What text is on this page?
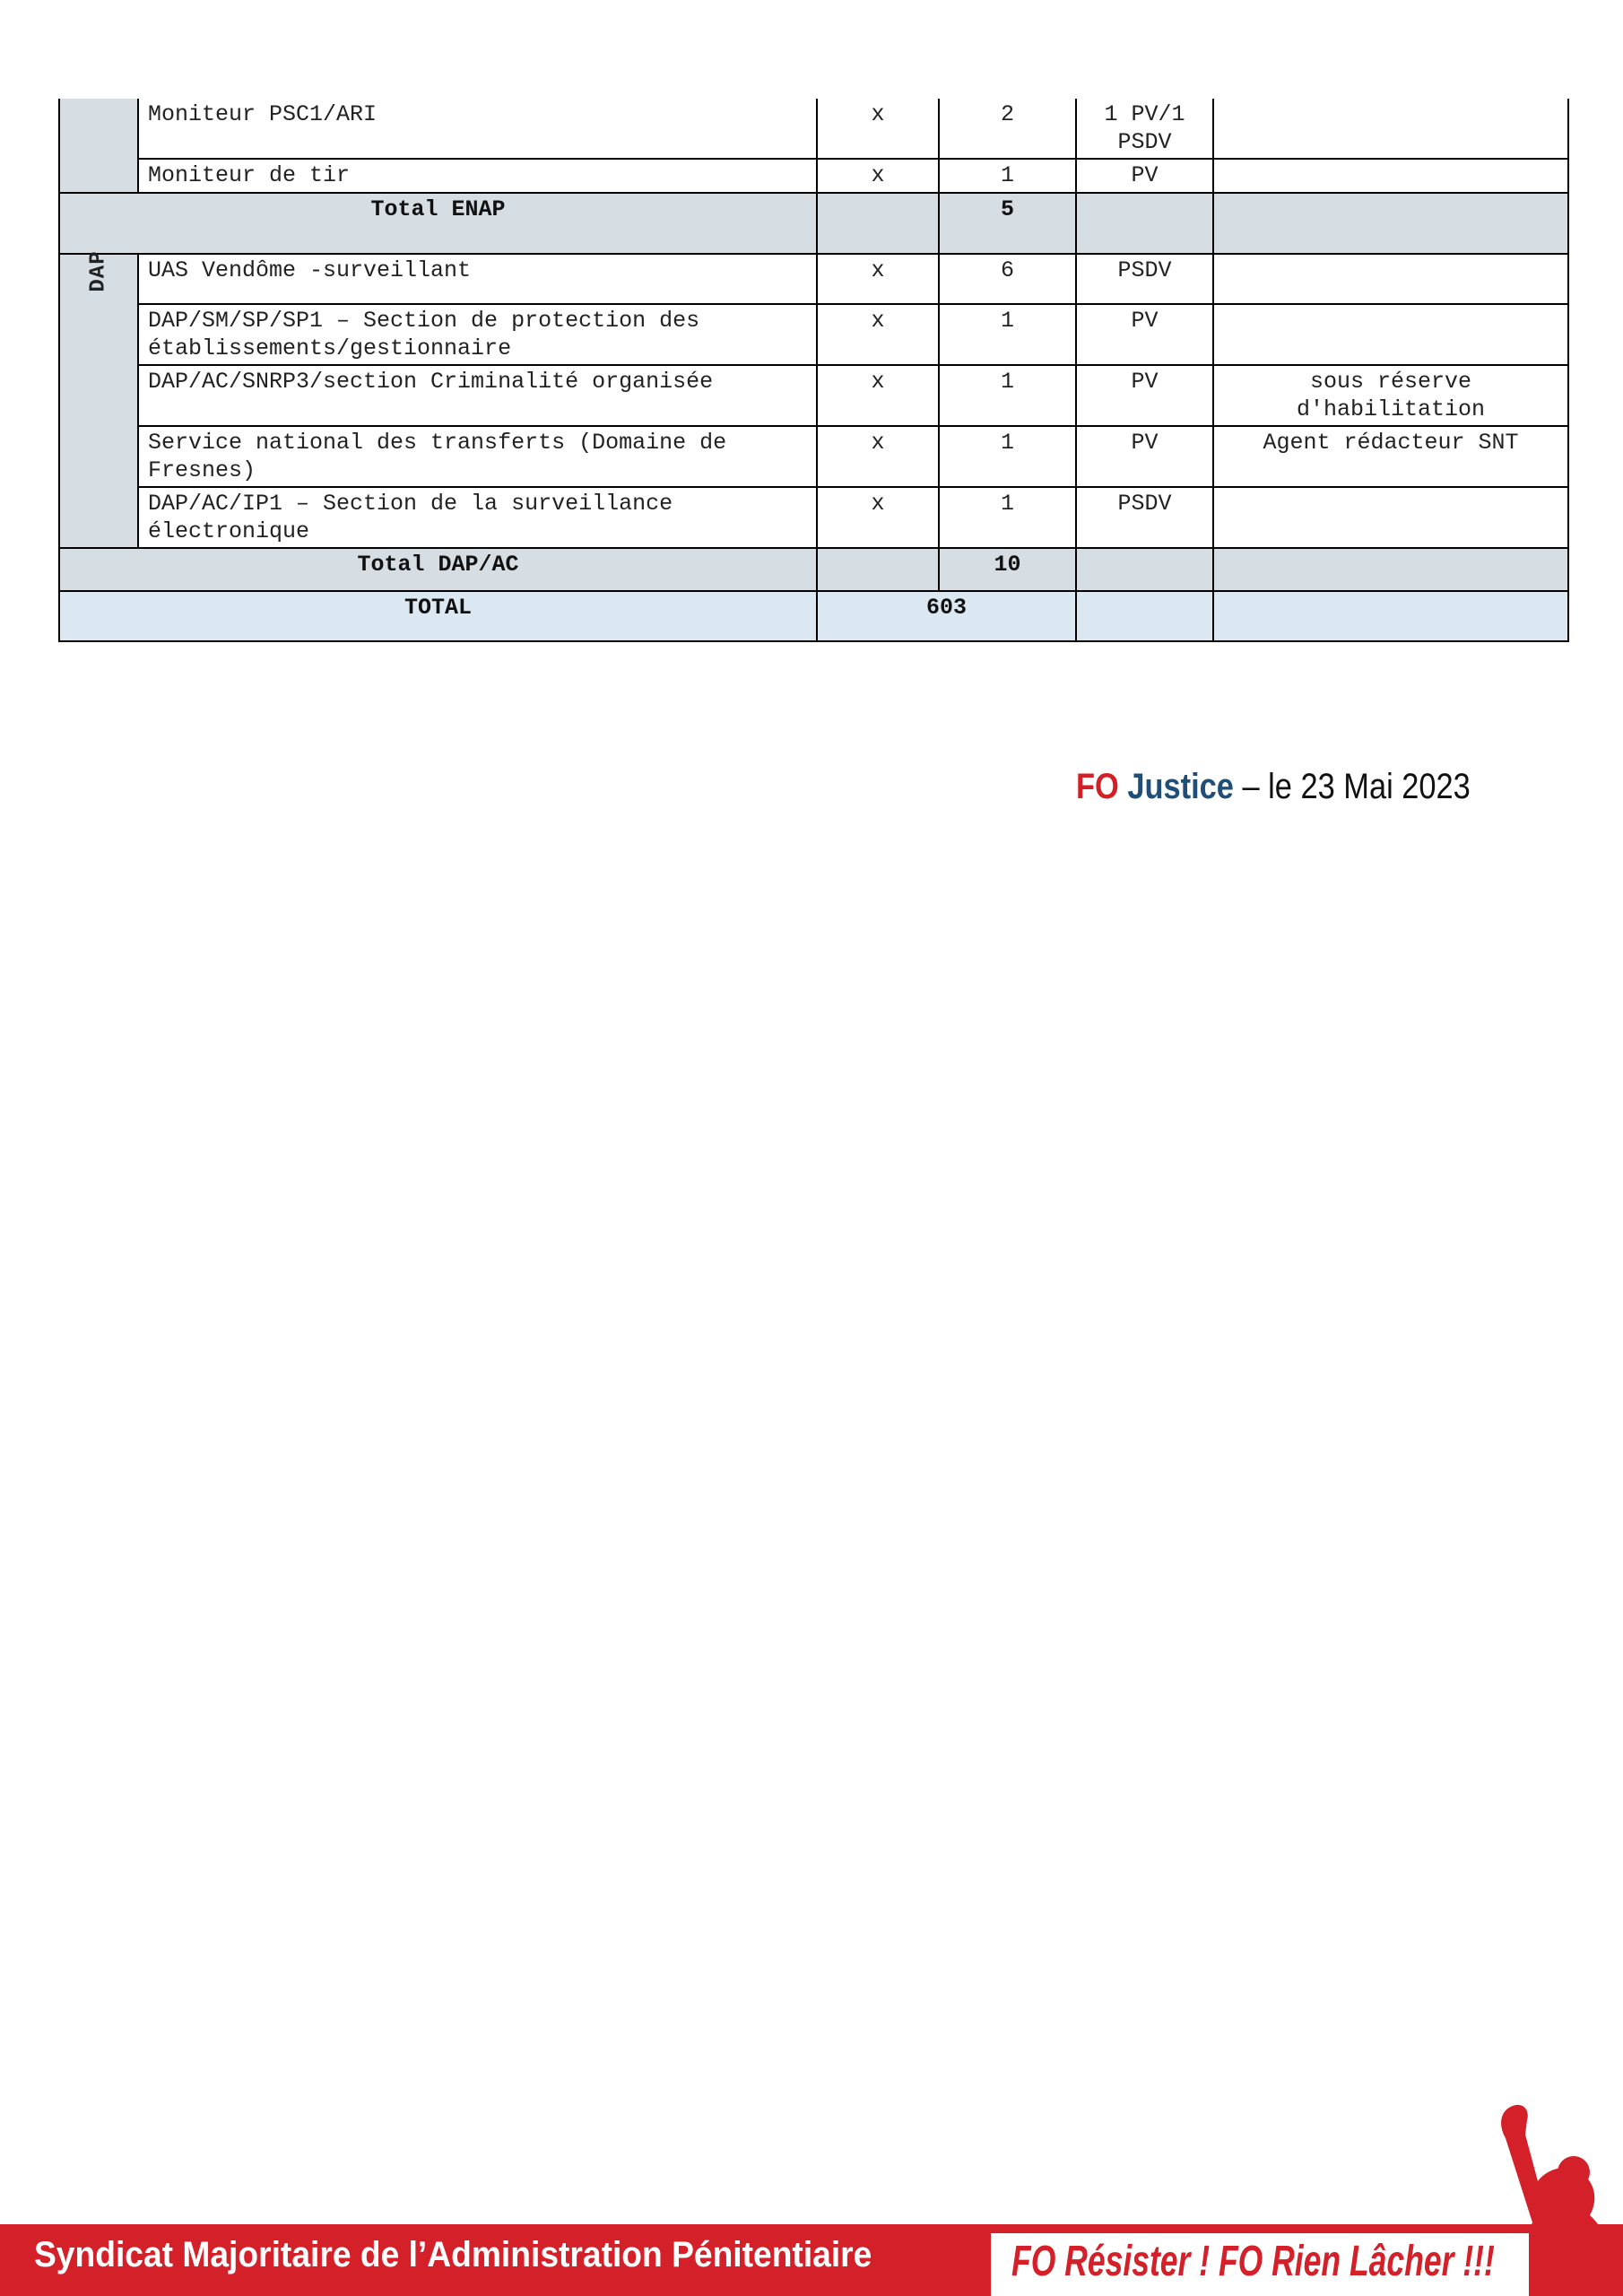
	Moniteur PSC1/ARI	x	2	1 PV/1 PSDV	
	Moniteur de tir	x	1	PV	
Total ENAP			5		
DAP	UAS Vendôme -surveillant	x	6	PSDV	
	DAP/SM/SP/SP1 – Section de protection des établissements/gestionnaire	x	1	PV	
	DAP/AC/SNRP3/section Criminalité organisée	x	1	PV	sous réserve d'habilitation
	Service national des transferts (Domaine de Fresnes)	x	1	PV	Agent rédacteur SNT
	DAP/AC/IP1 – Section de la surveillance électronique	x	1	PSDV	
Total DAP/AC			10		
TOTAL		603			
FO Justice – le 23 Mai 2023
Syndicat Majoritaire de l’Administration Pénitentiaire	FO Résister ! FO Rien Lâcher !!!
